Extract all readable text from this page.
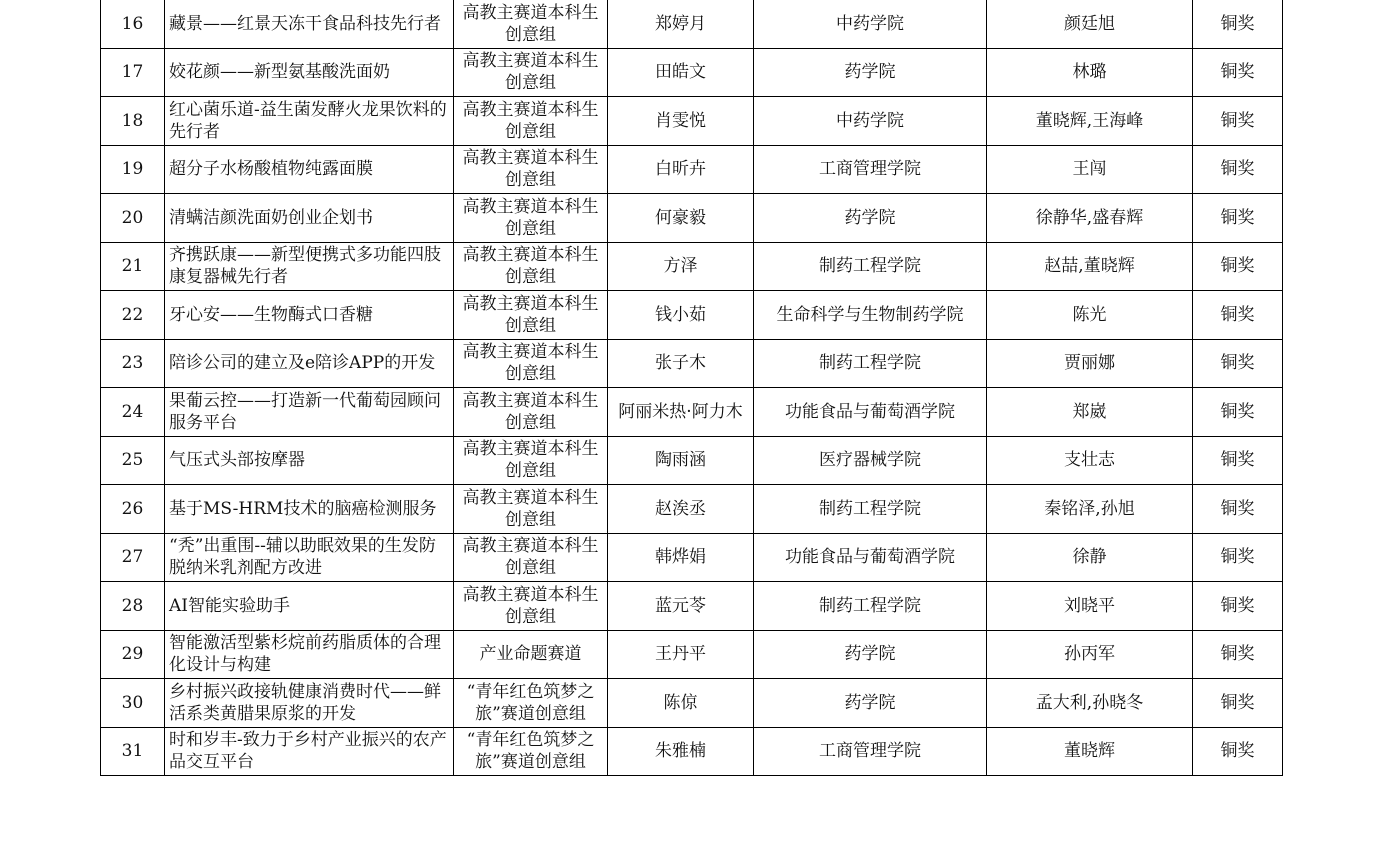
16	藏景——红景天冻干食品科技先行者	高教主赛道本科生创意组	郑婷月	中药学院	颜廷旭	铜奖
17	姣花颜——新型氨基酸洗面奶	高教主赛道本科生创意组	田皓文	药学院	林璐	铜奖
18	红心菌乐道-益生菌发酵火龙果饮料的先行者	高教主赛道本科生创意组	肖雯悦	中药学院	董晓辉,王海峰	铜奖
19	超分子水杨酸植物纯露面膜	高教主赛道本科生创意组	白昕卉	工商管理学院	王闯	铜奖
20	清螨洁颜洗面奶创业企划书	高教主赛道本科生创意组	何豪毅	药学院	徐静华,盛春辉	铜奖
21	齐携跃康——新型便携式多功能四肢康复器械先行者	高教主赛道本科生创意组	方泽	制药工程学院	赵喆,董晓辉	铜奖
22	牙心安——生物酶式口香糖	高教主赛道本科生创意组	钱小茹	生命科学与生物制药学院	陈光	铜奖
23	陪诊公司的建立及e陪诊APP的开发	高教主赛道本科生创意组	张子木	制药工程学院	贾丽娜	铜奖
24	果葡云控——打造新一代葡萄园顾问服务平台	高教主赛道本科生创意组	阿丽米热·阿力木	功能食品与葡萄酒学院	郑崴	铜奖
25	气压式头部按摩器	高教主赛道本科生创意组	陶雨涵	医疗器械学院	支壮志	铜奖
26	基于MS-HRM技术的脑癌检测服务	高教主赛道本科生创意组	赵涘丞	制药工程学院	秦铭泽,孙旭	铜奖
27	“秃”出重围--辅以助眠效果的生发防脱纳米乳剂配方改进	高教主赛道本科生创意组	韩烨娟	功能食品与葡萄酒学院	徐静	铜奖
28	AI智能实验助手	高教主赛道本科生创意组	蓝元苓	制药工程学院	刘晓平	铜奖
29	智能激活型紫杉烷前药脂质体的合理化设计与构建	产业命题赛道	王丹平	药学院	孙丙军	铜奖
30	乡村振兴政接轨健康消费时代——鲜活系类黄腊果原浆的开发	“青年红色筑梦之旅”赛道创意组	陈倞	药学院	孟大利,孙晓冬	铜奖
31	时和岁丰-致力于乡村产业振兴的农产品交互平台	“青年红色筑梦之旅”赛道创意组	朱雅楠	工商管理学院	董晓辉	铜奖
